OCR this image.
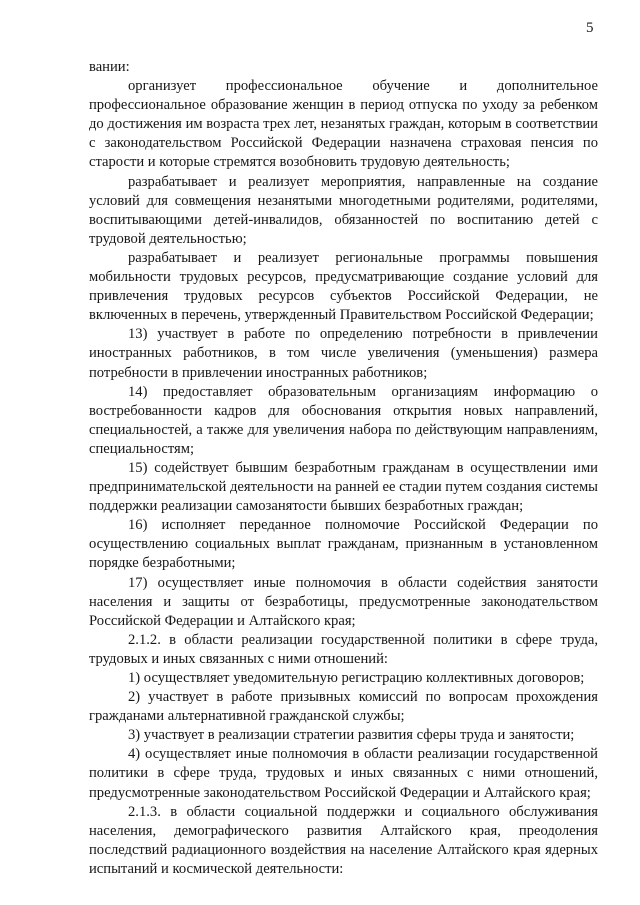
5

вании:

организует профессиональное обучение и дополнительное профессиональное образование женщин в период отпуска по уходу за ребенком до достижения им возраста трех лет, незанятых граждан, которым в соответствии с законодательством Российской Федерации назначена страховая пенсия по старости и которые стремятся возобновить трудовую деятельность;

разрабатывает и реализует мероприятия, направленные на создание условий для совмещения незанятыми многодетными родителями, родителями, воспитывающими детей-инвалидов, обязанностей по воспитанию детей с трудовой деятельностью;

разрабатывает и реализует региональные программы повышения мобильности трудовых ресурсов, предусматривающие создание условий для привлечения трудовых ресурсов субъектов Российской Федерации, не включенных в перечень, утвержденный Правительством Российской Федерации;

13) участвует в работе по определению потребности в привлечении иностранных работников, в том числе увеличения (уменьшения) размера потребности в привлечении иностранных работников;

14) предоставляет образовательным организациям информацию о востребованности кадров для обоснования открытия новых направлений, специальностей, а также для увеличения набора по действующим направлениям, специальностям;

15) содействует бывшим безработным гражданам в осуществлении ими предпринимательской деятельности на ранней ее стадии путем создания системы поддержки реализации самозанятости бывших безработных граждан;

16) исполняет переданное полномочие Российской Федерации по осуществлению социальных выплат гражданам, признанным в установленном порядке безработными;

17) осуществляет иные полномочия в области содействия занятости населения и защиты от безработицы, предусмотренные законодательством Российской Федерации и Алтайского края;

2.1.2. в области реализации государственной политики в сфере труда, трудовых и иных связанных с ними отношений:

1) осуществляет уведомительную регистрацию коллективных договоров;

2) участвует в работе призывных комиссий по вопросам прохождения гражданами альтернативной гражданской службы;

3) участвует в реализации стратегии развития сферы труда и занятости;

4) осуществляет иные полномочия в области реализации государственной политики в сфере труда, трудовых и иных связанных с ними отношений, предусмотренные законодательством Российской Федерации и Алтайского края;

2.1.3. в области социальной поддержки и социального обслуживания населения, демографического развития Алтайского края, преодоления последствий радиационного воздействия на население Алтайского края ядерных испытаний и космической деятельности:
